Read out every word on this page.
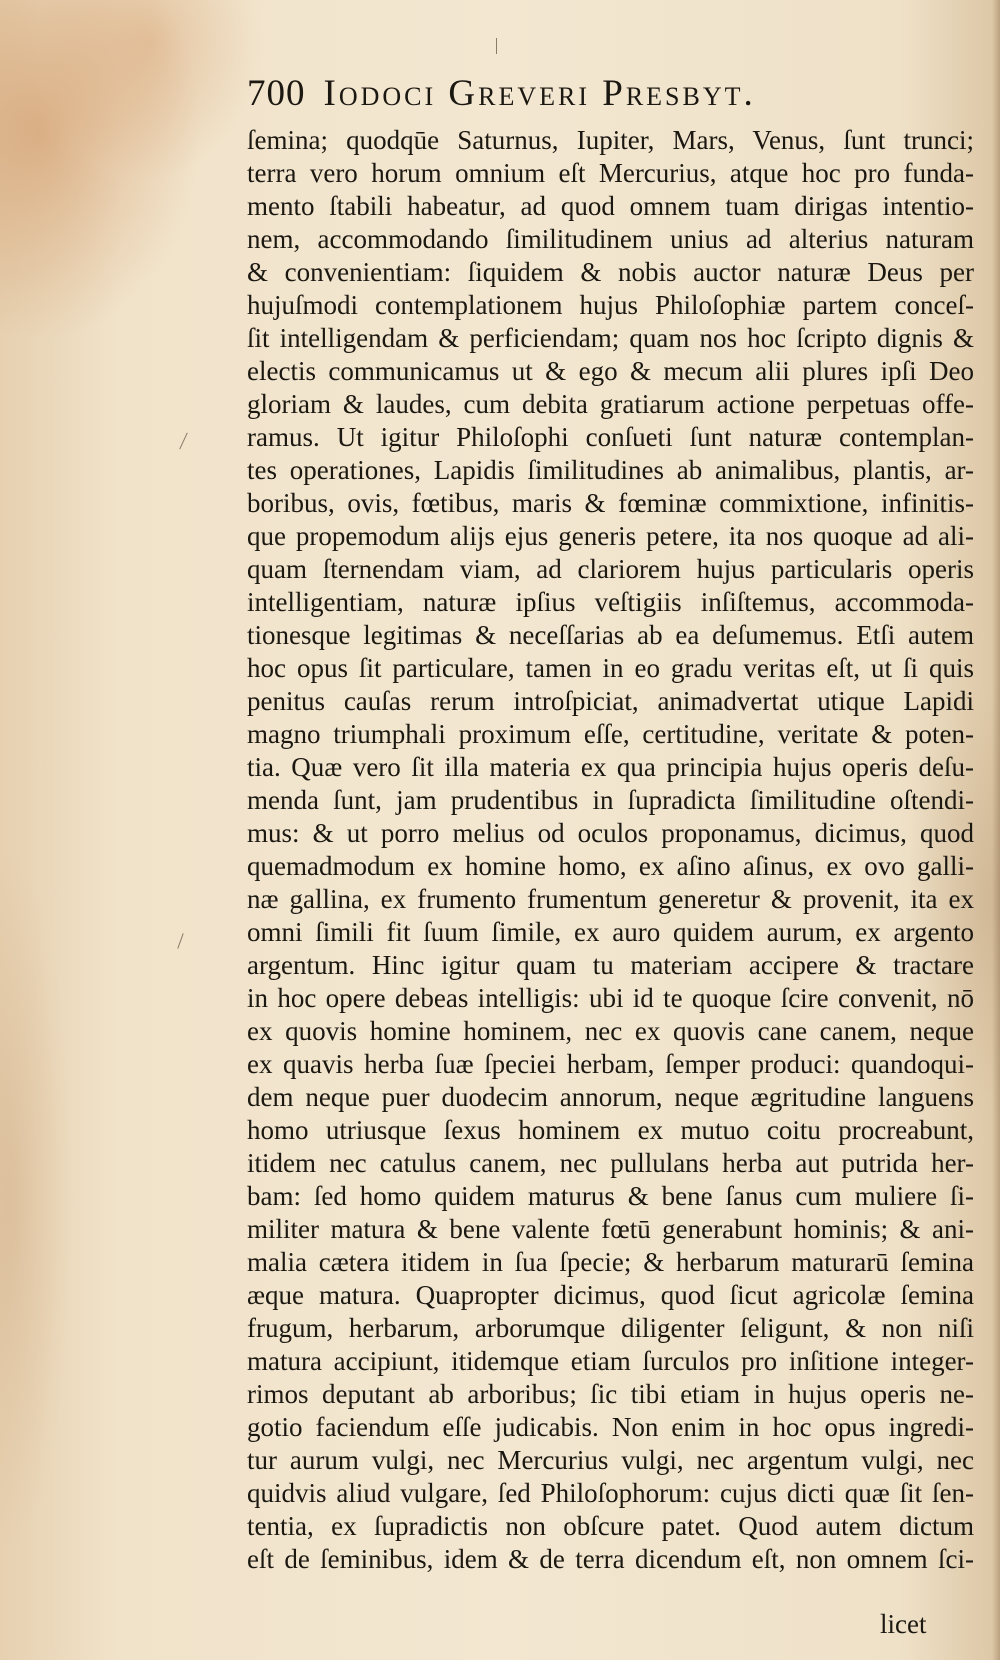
700 Iodoci Greveri Presbyt.
ſemina; quodqūe Saturnus, Iupiter, Mars, Venus, ſunt trunci;
terra vero horum omnium eſt Mercurius, atque hoc pro funda-
mento ſtabili habeatur, ad quod omnem tuam dirigas intentio-
nem, accommodando ſimilitudinem unius ad alterius naturam
& convenientiam: ſiquidem & nobis auctor naturæ Deus per
hujuſmodi contemplationem hujus Philoſophiæ partem conceſ-
ſit intelligendam & perficiendam; quam nos hoc ſcripto dignis &
electis communicamus ut & ego & mecum alii plures ipſi Deo
gloriam & laudes, cum debita gratiarum actione perpetuas offe-
ramus. Ut igitur Philoſophi conſueti ſunt naturæ contemplan-
tes operationes, Lapidis ſimilitudines ab animalibus, plantis, ar-
boribus, ovis, fœtibus, maris & fœminæ commixtione, infinitis-
que propemodum alijs ejus generis petere, ita nos quoque ad ali-
quam ſternendam viam, ad clariorem hujus particularis operis
intelligentiam, naturæ ipſius veſtigiis inſiſtemus, accommoda-
tionesque legitimas & neceſſarias ab ea deſumemus. Etſi autem
hoc opus ſit particulare, tamen in eo gradu veritas eſt, ut ſi quis
penitus cauſas rerum introſpiciat, animadvertat utique Lapidi
magno triumphali proximum eſſe, certitudine, veritate & poten-
tia. Quæ vero ſit illa materia ex qua principia hujus operis deſu-
menda ſunt, jam prudentibus in ſupradicta ſimilitudine oſtendi-
mus: & ut porro melius od oculos proponamus, dicimus, quod
quemadmodum ex homine homo, ex aſino aſinus, ex ovo galli-
næ gallina, ex frumento frumentum generetur & provenit, ita ex
omni ſimili fit ſuum ſimile, ex auro quidem aurum, ex argento
argentum. Hinc igitur quam tu materiam accipere & tractare
in hoc opere debeas intelligis: ubi id te quoque ſcire convenit, nō
ex quovis homine hominem, nec ex quovis cane canem, neque
ex quavis herba ſuæ ſpeciei herbam, ſemper produci: quandoqui-
dem neque puer duodecim annorum, neque ægritudine languens
homo utriusque ſexus hominem ex mutuo coitu procreabunt,
itidem nec catulus canem, nec pullulans herba aut putrida her-
bam: ſed homo quidem maturus & bene ſanus cum muliere ſi-
militer matura & bene valente fœtū generabunt hominis; & ani-
malia cætera itidem in ſua ſpecie; & herbarum maturarū ſemina
æque matura. Quapropter dicimus, quod ſicut agricolæ ſemina
frugum, herbarum, arborumque diligenter ſeligunt, & non niſi
matura accipiunt, itidemque etiam ſurculos pro inſitione integer-
rimos deputant ab arboribus; ſic tibi etiam in hujus operis ne-
gotio faciendum eſſe judicabis. Non enim in hoc opus ingredi-
tur aurum vulgi, nec Mercurius vulgi, nec argentum vulgi, nec
quidvis aliud vulgare, ſed Philoſophorum: cujus dicti quæ ſit ſen-
tentia, ex ſupradictis non obſcure patet. Quod autem dictum
eſt de ſeminibus, idem & de terra dicendum eſt, non omnem ſci-
licet
